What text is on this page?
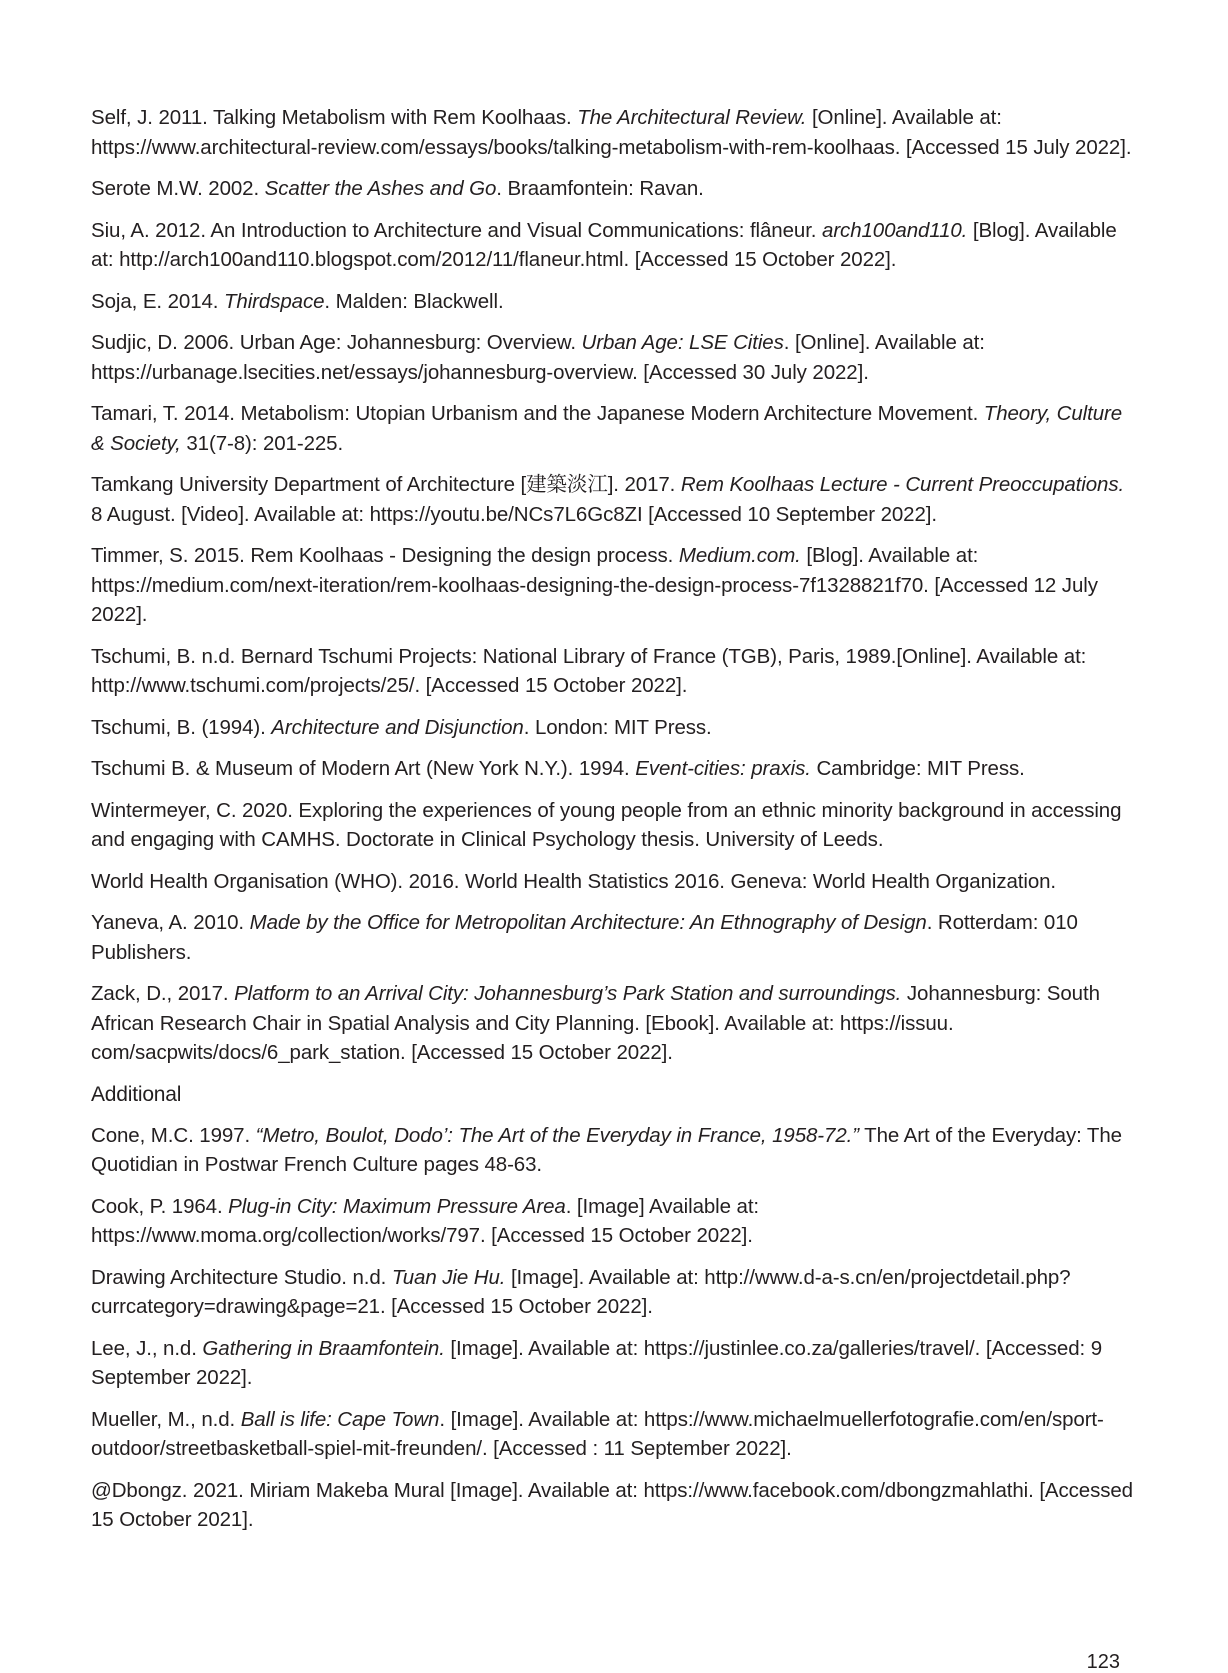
Self, J. 2011. Talking Metabolism with Rem Koolhaas. The Architectural Review. [Online]. Available at: https://www.architectural-review.com/essays/books/talking-metabolism-with-rem-koolhaas. [Accessed 15 July 2022].

Serote M.W. 2002. Scatter the Ashes and Go. Braamfontein: Ravan.

Siu, A. 2012. An Introduction to Architecture and Visual Communications: flâneur. arch100and110. [Blog]. Available at: http://arch100and110.blogspot.com/2012/11/flaneur.html. [Accessed 15 October 2022].

Soja, E. 2014. Thirdspace. Malden: Blackwell.

Sudjic, D. 2006. Urban Age: Johannesburg: Overview. Urban Age: LSE Cities. [Online]. Available at: https://urbanage.lsecities.net/essays/johannesburg-overview. [Accessed 30 July 2022].

Tamari, T. 2014. Metabolism: Utopian Urbanism and the Japanese Modern Architecture Movement. Theory, Culture & Society, 31(7-8): 201-225.

Tamkang University Department of Architecture [建築淡江]. 2017. Rem Koolhaas Lecture - Current Preoccupations. 8 August. [Video]. Available at: https://youtu.be/NCs7L6Gc8ZI [Accessed 10 September 2022].

Timmer, S. 2015. Rem Koolhaas - Designing the design process. Medium.com. [Blog]. Available at: https://medium.com/next-iteration/rem-koolhaas-designing-the-design-process-7f1328821f70. [Accessed 12 July 2022].

Tschumi, B. n.d. Bernard Tschumi Projects: National Library of France (TGB), Paris, 1989.[Online]. Available at: http://www.tschumi.com/projects/25/. [Accessed 15 October 2022].

Tschumi, B. (1994). Architecture and Disjunction. London: MIT Press.

Tschumi B. & Museum of Modern Art (New York N.Y.). 1994. Event-cities: praxis. Cambridge: MIT Press.

Wintermeyer, C. 2020. Exploring the experiences of young people from an ethnic minority background in accessing and engaging with CAMHS. Doctorate in Clinical Psychology thesis. University of Leeds.

World Health Organisation (WHO). 2016. World Health Statistics 2016. Geneva: World Health Organization.

Yaneva, A. 2010. Made by the Office for Metropolitan Architecture: An Ethnography of Design. Rotterdam: 010 Publishers.

Zack, D., 2017. Platform to an Arrival City: Johannesburg’s Park Station and surroundings. Johannesburg: South African Research Chair in Spatial Analysis and City Planning. [Ebook]. Available at: https://issuu. com/sacpwits/docs/6_park_station. [Accessed 15 October 2022].

Additional

Cone, M.C. 1997. “Metro, Boulot, Dodo’: The Art of the Everyday in France, 1958-72.” The Art of the Everyday: The Quotidian in Postwar French Culture pages 48-63.

Cook, P. 1964. Plug-in City: Maximum Pressure Area. [Image] Available at: https://www.moma.org/collection/works/797. [Accessed 15 October 2022].

Drawing Architecture Studio. n.d. Tuan Jie Hu. [Image]. Available at: http://www.d-a-s.cn/en/projectdetail.php?currcategory=drawing&page=21. [Accessed 15 October 2022].

Lee, J., n.d. Gathering in Braamfontein. [Image]. Available at: https://justinlee.co.za/galleries/travel/. [Accessed: 9 September 2022].

Mueller, M., n.d. Ball is life: Cape Town. [Image]. Available at: https://www.michaelmuellerfotografie.com/en/sport-outdoor/streetbasketball-spiel-mit-freunden/. [Accessed : 11 September 2022].

@Dbongz. 2021. Miriam Makeba Mural [Image]. Available at: https://www.facebook.com/dbongzmahlathi. [Accessed 15 October 2021].

123
